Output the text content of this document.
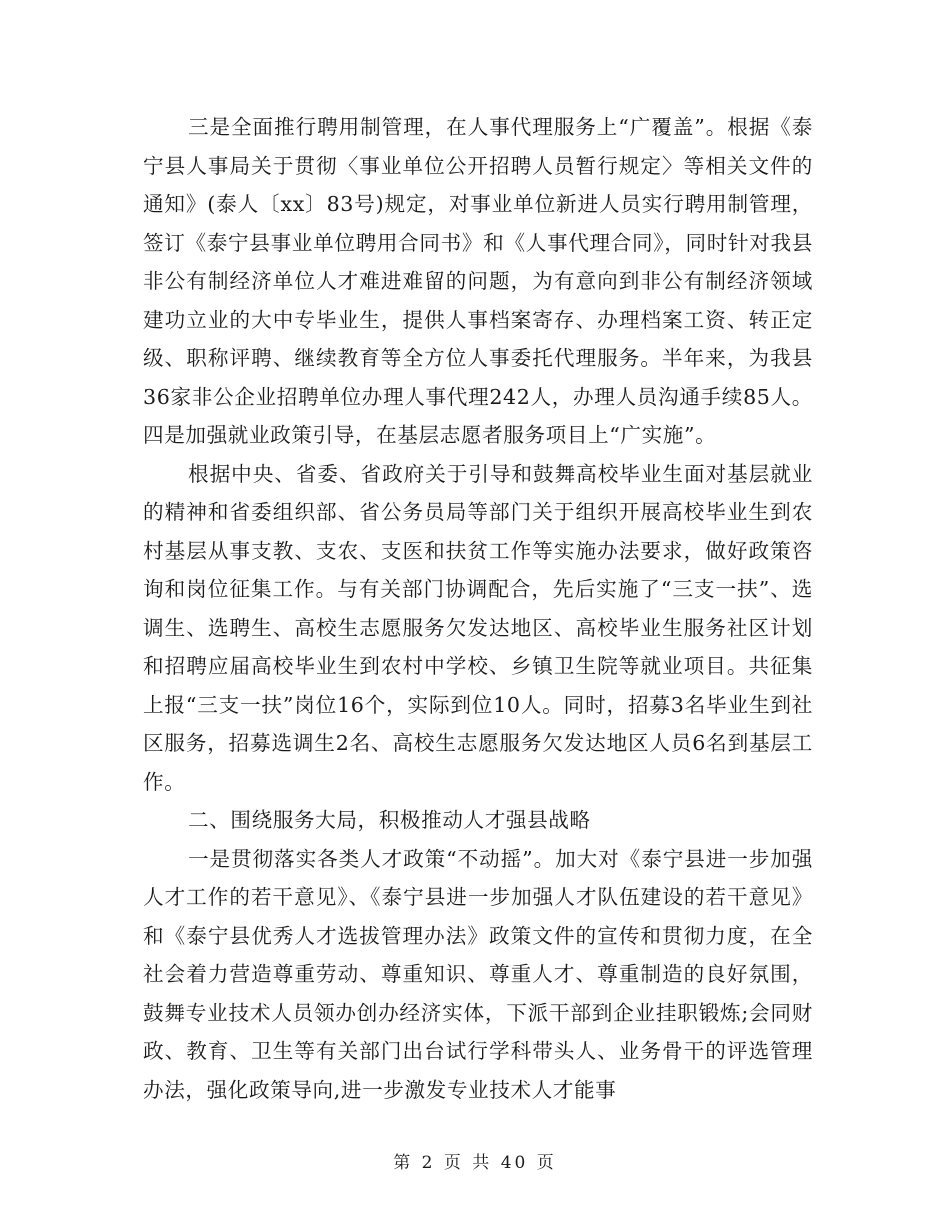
三是全面推行聘用制管理，在人事代理服务上“广覆盖”。根据《泰宁县人事局关于贯彻〈事业单位公开招聘人员暂行规定〉等相关文件的通知》(泰人〔xx〕83号)规定，对事业单位新进人员实行聘用制管理，签订《泰宁县事业单位聘用合同书》和《人事代理合同》，同时针对我县非公有制经济单位人才难进难留的问题，为有意向到非公有制经济领域建功立业的大中专毕业生，提供人事档案寄存、办理档案工资、转正定级、职称评聘、继续教育等全方位人事委托代理服务。半年来，为我县36家非公企业招聘单位办理人事代理242人，办理人员沟通手续85人。四是加强就业政策引导，在基层志愿者服务项目上“广实施”。

根据中央、省委、省政府关于引导和鼓舞高校毕业生面对基层就业的精神和省委组织部、省公务员局等部门关于组织开展高校毕业生到农村基层从事支教、支农、支医和扶贫工作等实施办法要求，做好政策咨询和岗位征集工作。与有关部门协调配合，先后实施了“三支一扶”、选调生、选聘生、高校生志愿服务欠发达地区、高校毕业生服务社区计划和招聘应届高校毕业生到农村中学校、乡镇卫生院等就业项目。共征集上报“三支一扶”岗位16个，实际到位10人。同时，招募3名毕业生到社区服务，招募选调生2名、高校生志愿服务欠发达地区人员6名到基层工作。

二、围绕服务大局，积极推动人才强县战略

一是贯彻落实各类人才政策“不动摇”。加大对《泰宁县进一步加强人才工作的若干意见》、《泰宁县进一步加强人才队伍建设的若干意见》和《泰宁县优秀人才选拔管理办法》政策文件的宣传和贯彻力度，在全社会着力营造尊重劳动、尊重知识、尊重人才、尊重制造的良好氛围，鼓舞专业技术人员领办创办经济实体，下派干部到企业挂职锻炼;会同财政、教育、卫生等有关部门出台试行学科带头人、业务骨干的评选管理办法，强化政策导向,进一步激发专业技术人才能事

第 2 页 共 40 页
